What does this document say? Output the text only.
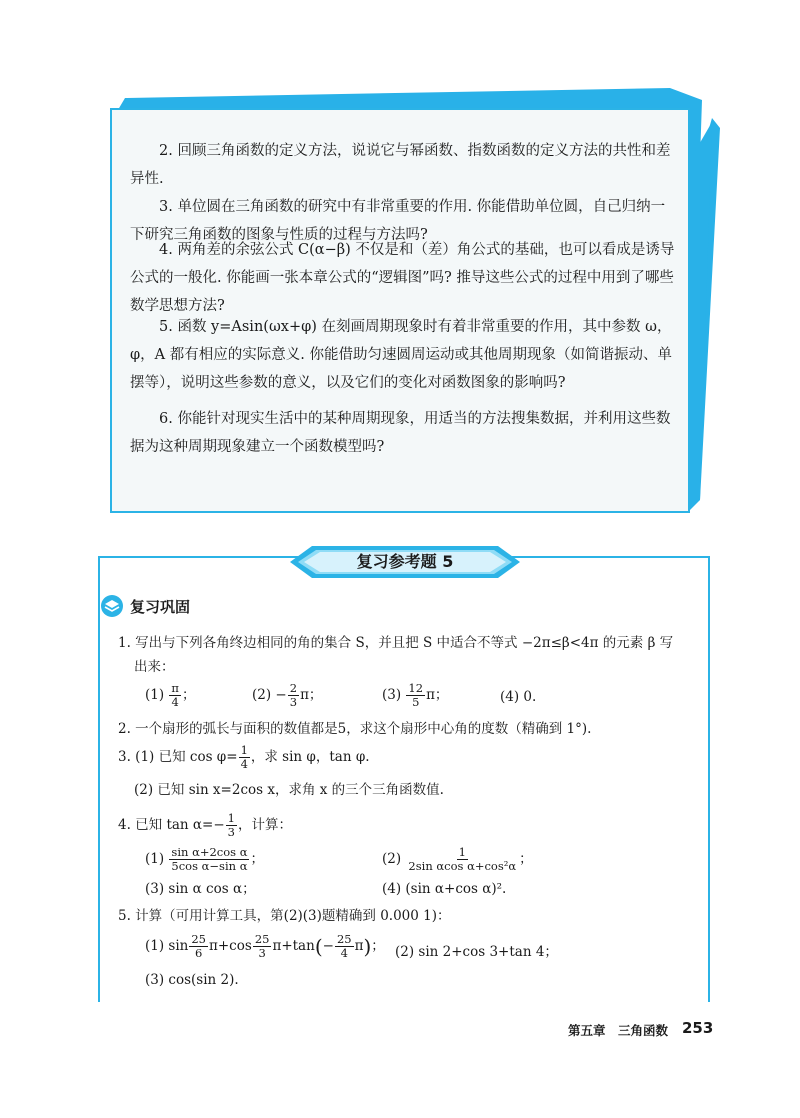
2. 回顾三角函数的定义方法，说说它与幂函数、指数函数的定义方法的共性和差异性.
3. 单位圆在三角函数的研究中有非常重要的作用. 你能借助单位圆，自己归纳一下研究三角函数的图象与性质的过程与方法吗?
4. 两角差的余弦公式 C(α−β) 不仅是和（差）角公式的基础，也可以看成是诱导公式的一般化. 你能画一张本章公式的“逻辑图”吗? 推导这些公式的过程中用到了哪些数学思想方法?
5. 函数 y=Asin(ωx+φ) 在刻画周期现象时有着非常重要的作用，其中参数 ω，φ，A 都有相应的实际意义. 你能借助匀速圆周运动或其他周期现象（如简谐振动、单摆等），说明这些参数的意义，以及它们的变化对函数图象的影响吗?
6. 你能针对现实生活中的某种周期现象，用适当的方法搜集数据，并利用这些数据为这种周期现象建立一个函数模型吗?
复习参考题 5
复习巩固
1. 写出与下列各角终边相同的角的集合 S，并且把 S 中适合不等式 −2π≤β<4π 的元素 β 写
出来：
$(1) \frac{\pi}{4}$ ；	$(2) - \frac{2}{3}$ π；	$(3) \frac{12}{5}$ π；	(4) 0.
2. 一个扇形的弧长与面积的数值都是5，求这个扇形中心角的度数（精确到 1°).
3. (1) 已知 $\cos \varphi= \frac{1}{4}$ ，求 sin φ，tan φ.
(2) 已知 sin x=2cos x，求角 x 的三个三角函数值.
4. 已知 $\tan \alpha=- \frac{1}{3}$ ，计算：
$(1) \frac{\text{sin α+2cos α}}{\text{5cos α−sin α}}$ ；	$(2) \frac{1}{\text{2sin αcos α+cos²α}}$ ；
(3) sin α cos α；	(4) (sin α+cos α)².
5. 计算（可用计算工具，第(2)(3)题精确到 0.000 1)：
(1) $\sin \frac{25}{6} \pi+\cos \frac{25}{3} \pi+\tan(- \frac{25}{4} \pi)$； (2) sin 2+cos 3+tan 4；
(3) cos(sin 2).
第五章　三角函数 253
